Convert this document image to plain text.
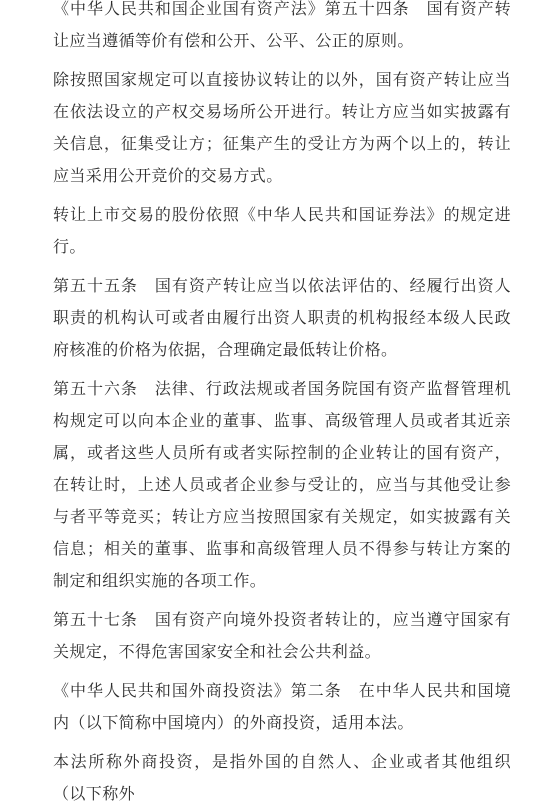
《中华人民共和国企业国有资产法》第五十四条　国有资产转让应当遵循等价有偿和公开、公平、公正的原则。

除按照国家规定可以直接协议转让的以外，国有资产转让应当在依法设立的产权交易场所公开进行。转让方应当如实披露有关信息，征集受让方；征集产生的受让方为两个以上的，转让应当采用公开竞价的交易方式。

转让上市交易的股份依照《中华人民共和国证券法》的规定进行。

第五十五条　国有资产转让应当以依法评估的、经履行出资人职责的机构认可或者由履行出资人职责的机构报经本级人民政府核准的价格为依据，合理确定最低转让价格。

第五十六条　法律、行政法规或者国务院国有资产监督管理机构规定可以向本企业的董事、监事、高级管理人员或者其近亲属，或者这些人员所有或者实际控制的企业转让的国有资产，在转让时，上述人员或者企业参与受让的，应当与其他受让参与者平等竞买；转让方应当按照国家有关规定，如实披露有关信息；相关的董事、监事和高级管理人员不得参与转让方案的制定和组织实施的各项工作。

第五十七条　国有资产向境外投资者转让的，应当遵守国家有关规定，不得危害国家安全和社会公共利益。

《中华人民共和国外商投资法》第二条　在中华人民共和国境内（以下简称中国境内）的外商投资，适用本法。

本法所称外商投资，是指外国的自然人、企业或者其他组织（以下称外
